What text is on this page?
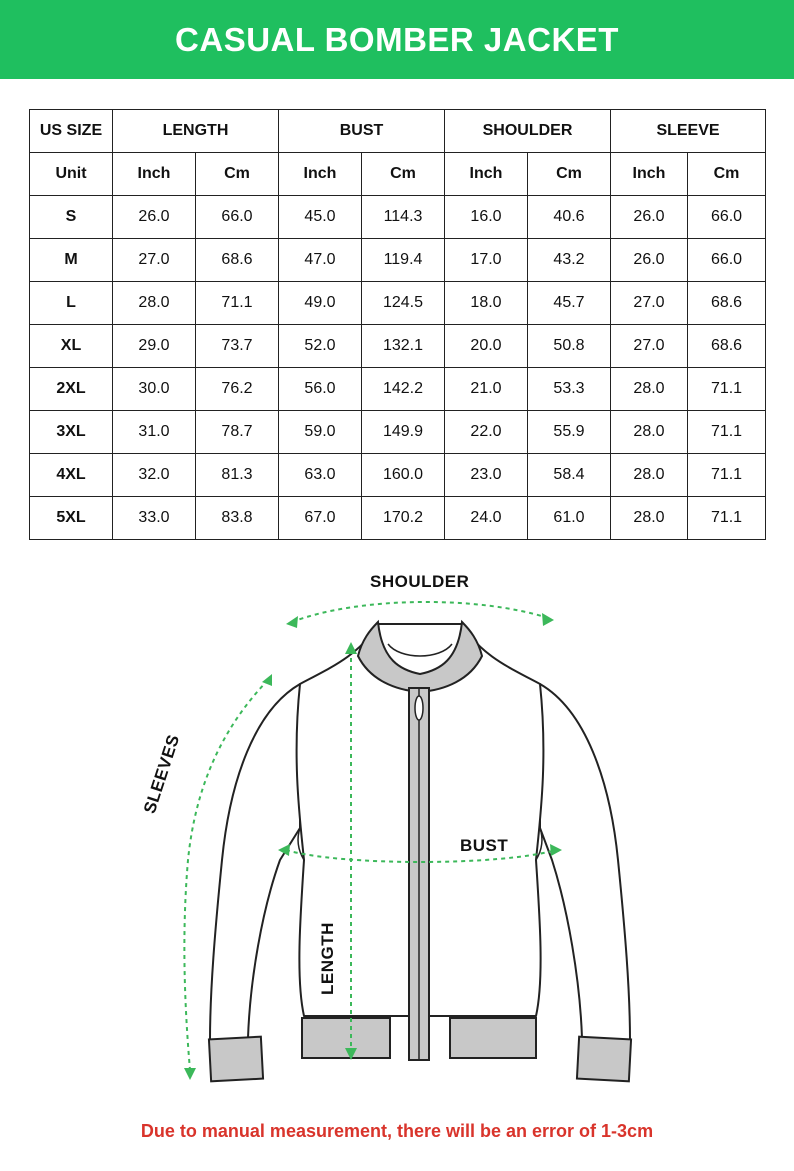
CASUAL BOMBER JACKET
US SIZE	LENGTH		BUST		SHOULDER		SLEEVE	
Unit	Inch	Cm	Inch	Cm	Inch	Cm	Inch	Cm
S	26.0	66.0	45.0	114.3	16.0	40.6	26.0	66.0
M	27.0	68.6	47.0	119.4	17.0	43.2	26.0	66.0
L	28.0	71.1	49.0	124.5	18.0	45.7	27.0	68.6
XL	29.0	73.7	52.0	132.1	20.0	50.8	27.0	68.6
2XL	30.0	76.2	56.0	142.2	21.0	53.3	28.0	71.1
3XL	31.0	78.7	59.0	149.9	22.0	55.9	28.0	71.1
4XL	32.0	81.3	63.0	160.0	23.0	58.4	28.0	71.1
5XL	33.0	83.8	67.0	170.2	24.0	61.0	28.0	71.1
SHOULDER
BUST
SLEEVES
LENGTH
Due to manual measurement, there will be an error of 1-3cm
